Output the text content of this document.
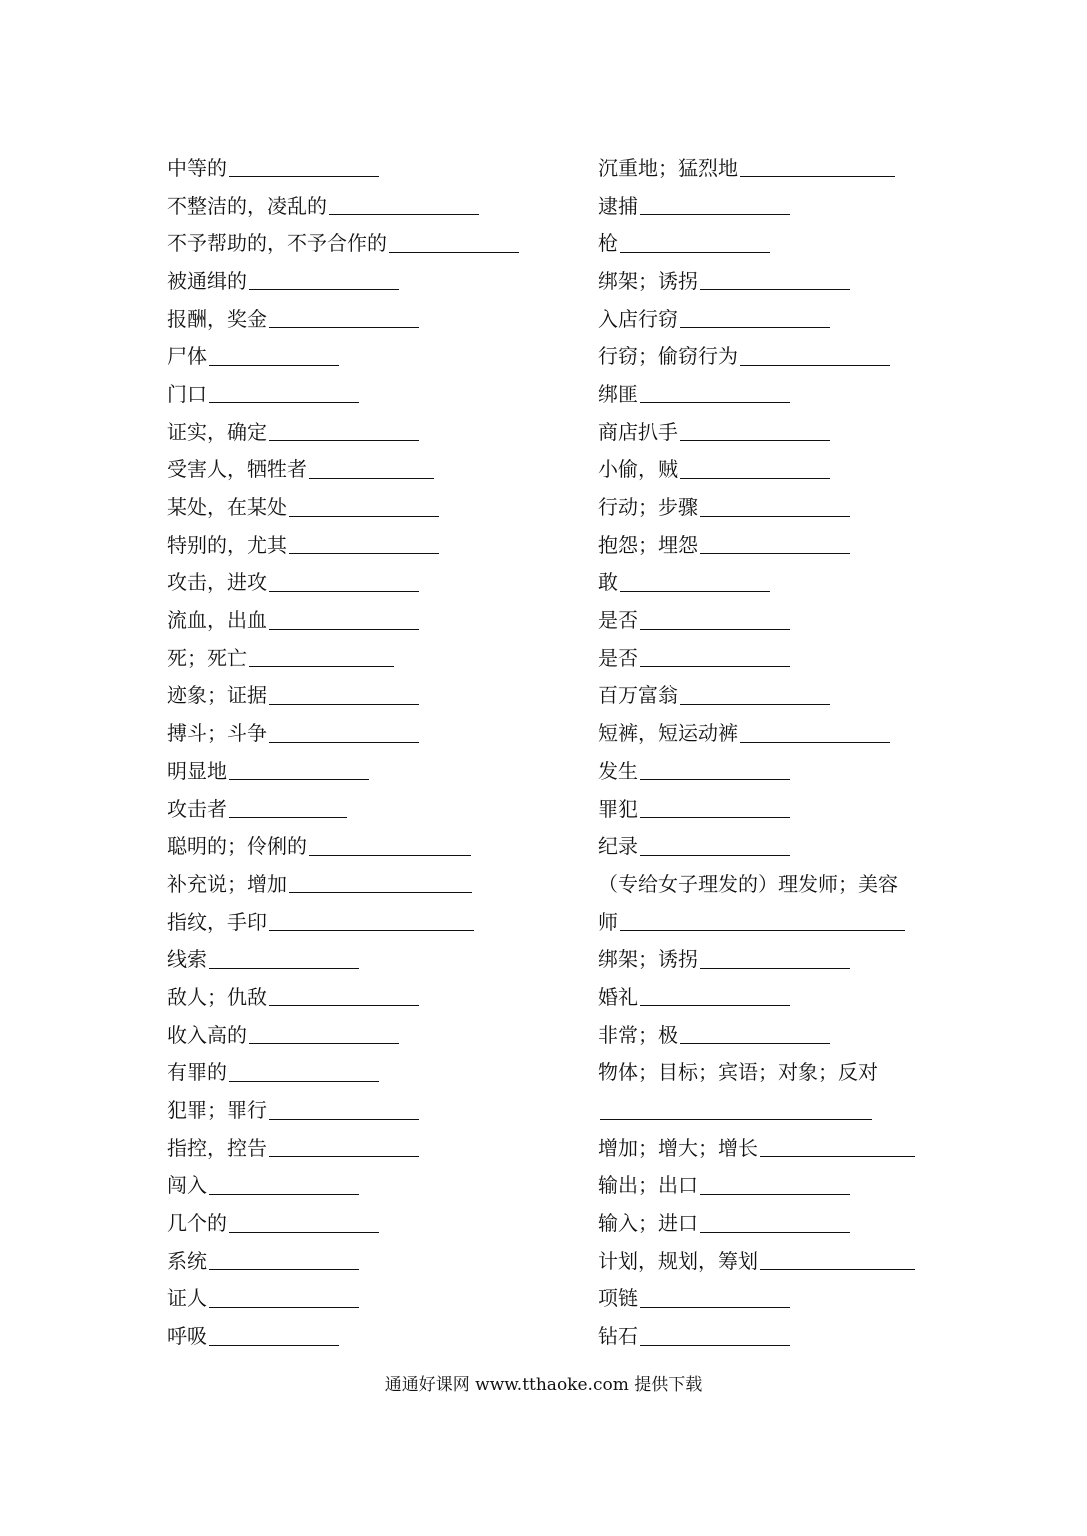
中等的
不整洁的，凌乱的
不予帮助的，不予合作的
被通缉的
报酬，奖金
尸体
门口
证实，确定
受害人，牺牲者
某处，在某处
特别的，尤其
攻击，进攻
流血，出血
死；死亡
迹象；证据
搏斗；斗争
明显地
攻击者
聪明的；伶俐的
补充说；增加
指纹，手印
线索
敌人；仇敌
收入高的
有罪的
犯罪；罪行
指控，控告
闯入
几个的
系统
证人
呼吸
沉重地；猛烈地
逮捕
枪
绑架；诱拐
入店行窃
行窃；偷窃行为
绑匪
商店扒手
小偷，贼
行动；步骤
抱怨；埋怨
敢
是否
是否
百万富翁
短裤，短运动裤
发生
罪犯
纪录
（专给女子理发的）理发师；美容
师
绑架；诱拐
婚礼
非常；极
物体；目标；宾语；对象；反对
增加；增大；增长
输出；出口
输入；进口
计划，规划，筹划
项链
钻石
通通好课网 www.tthaoke.com 提供下载
